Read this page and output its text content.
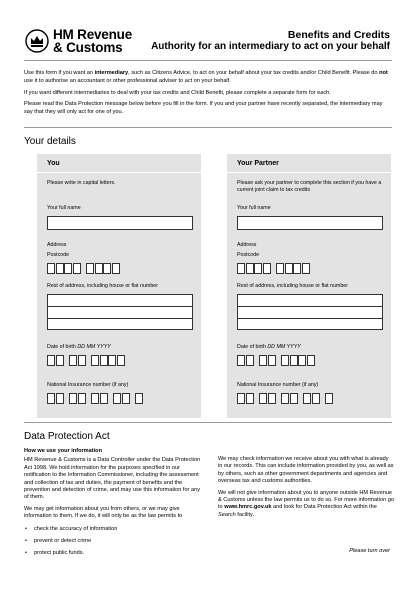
HM Revenue
& Customs
Benefits and Credits
Authority for an intermediary to act on your behalf
Use this form if you want an intermediary, such as Citizens Advice, to act on your behalf about your tax credits and/or Child Benefit. Please do not use it to authorise an accountant or other professional adviser to act on your behalf.
If you want different intermediaries to deal with your tax credits and Child Benefit, please complete a separate form for each.
Please read the Data Protection message below before you fill in the form. If you and your partner have recently separated, the intermediary may say that they will only act for one of you.
Your details
You
Please write in capital letters.
Your full name
Address
Postcode
Rest of address, including house or flat number
Date of birth DD MM YYYY
National Insurance number (if any)
Your Partner
Please ask your partner to complete this section if you have a current joint claim to tax credits
Your full name
Address
Postcode
Rest of address, including house or flat number
Date of birth DD MM YYYY
National Insurance number (if any)
Data Protection Act
How we use your information
HM Revenue & Customs is a Data Controller under the Data Protection Act 1998. We hold information for the purposes specified in our notification to the Information Commissioner, including the assessment and collection of tax and duties, the payment of benefits and the prevention and detection of crime, and may use this information for any of them.
We may get information about you from others, or we may give information to them. If we do, it will only be as the law permits to
• check the accuracy of information
• prevent or detect crime
• protect public funds.
We may check information we receive about you with what is already in our records. This can include information provided by you, as well as by others, such as other government departments and agencies and overseas tax and customs authorities.
We will not give information about you to anyone outside HM Revenue & Customs unless the law permits us to do so. For more information go to www.hmrc.gov.uk and look for Data Protection Act within the Search facility.
Please turn over
